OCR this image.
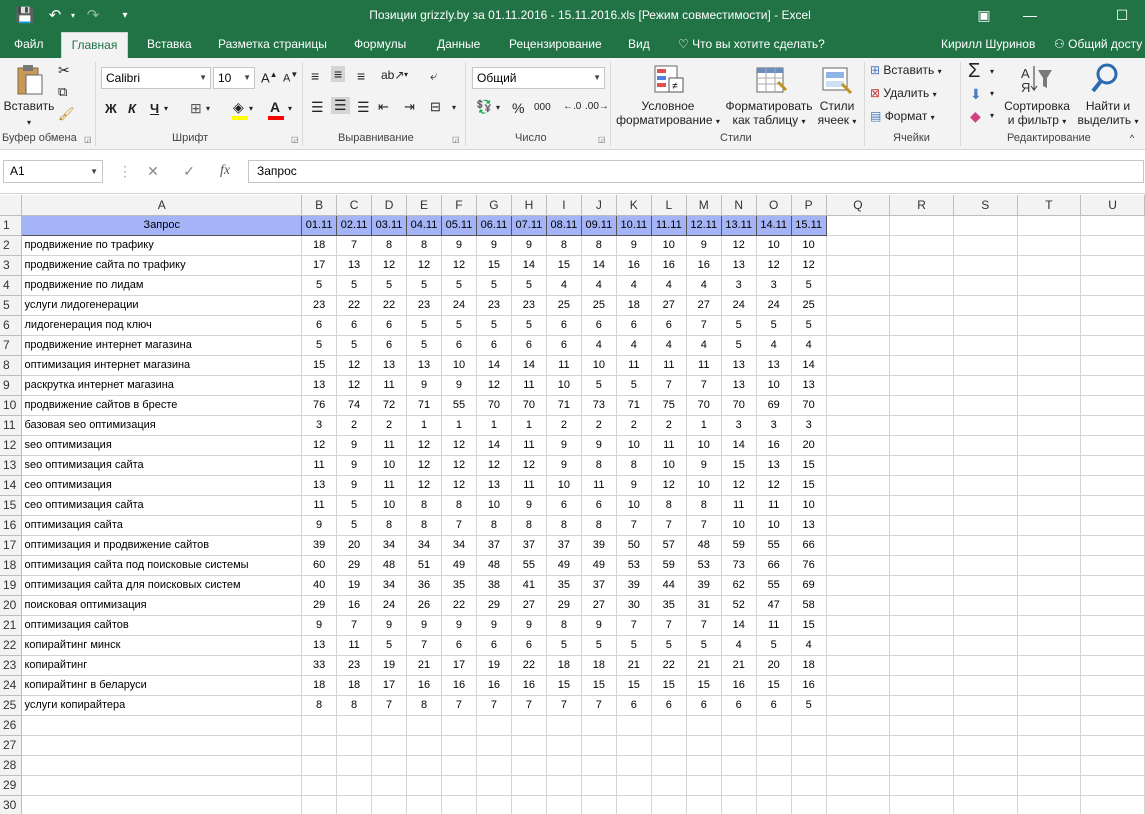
💾 ↶	▾ ↷	▾	Позиции grizzly.by за 01.11.2016 - 15.11.2016.xls [Режим совместимости] - Excel	▣	—	☐
Файл	Главная	Вставка Разметка страницы Формулы	Данные Рецензирование Вид ♡ Что вы хотите сделать?	Кирилл Шуринов	⚇ Общий досту
Вставить
▾
✂
⧉
🖌
Буфер обмена ◲
Calibri	▼ 10 ▼ A▲ A▼
Ж К Ч ▾ ⊞ ▾ ◈ ▾ A ▾
Шрифт	◲
≡ ≡ ≡ ab↗ ▾ ⤶
☰ ☰ ☰ ⇤ ⇥ ⊟ ▾
Выравнивание	◲
Общий	▼
💱 ▾ % 000 ←.0 .00→
Число	◲
≠
Условное
форматирование ▾
Форматировать
как таблицу ▾
Стили
ячеек ▾
Стили
⊞ Вставить ▾
⊠ Удалить ▾
▤ Формат ▾
Ячейки
Σ ▾
⬇ ▾
◆ ▾
A
Я
Сортировка
и фильтр ▾
Найти и
выделить ▾
Редактирование	^
A1	▼	⋮	✕	✓	fx	Запрос
	A	B	C	D	E	F	G	H	I	J	K	L	M	N	O	P	Q	R	S	T	U
1	Запрос	01.11	02.11	03.11	04.11	05.11	06.11	07.11	08.11	09.11	10.11	11.11	12.11	13.11	14.11	15.11					
2	продвижение по трафику	18	7	8	8	9	9	9	8	8	9	10	9	12	10	10					
3	продвижение сайта по трафику	17	13	12	12	12	15	14	15	14	16	16	16	13	12	12					
4	продвижение по лидам	5	5	5	5	5	5	5	4	4	4	4	4	3	3	5					
5	услуги лидогенерации	23	22	22	23	24	23	23	25	25	18	27	27	24	24	25					
6	лидогенерация под ключ	6	6	6	5	5	5	5	6	6	6	6	7	5	5	5					
7	продвижение интернет магазина	5	5	6	5	6	6	6	6	4	4	4	4	5	4	4					
8	оптимизация интернет магазина	15	12	13	13	10	14	14	11	10	11	11	11	13	13	14					
9	раскрутка интернет магазина	13	12	11	9	9	12	11	10	5	5	7	7	13	10	13					
10	продвижение сайтов в бресте	76	74	72	71	55	70	70	71	73	71	75	70	70	69	70					
11	базовая seo оптимизация	3	2	2	1	1	1	1	2	2	2	2	1	3	3	3					
12	seo оптимизация	12	9	11	12	12	14	11	9	9	10	11	10	14	16	20					
13	seo оптимизация сайта	11	9	10	12	12	12	12	9	8	8	10	9	15	13	15					
14	сео оптимизация	13	9	11	12	12	13	11	10	11	9	12	10	12	12	15					
15	сео оптимизация сайта	11	5	10	8	8	10	9	6	6	10	8	8	11	11	10					
16	оптимизация сайта	9	5	8	8	7	8	8	8	8	7	7	7	10	10	13					
17	оптимизация и продвижение сайтов	39	20	34	34	34	37	37	37	39	50	57	48	59	55	66					
18	оптимизация сайта под поисковые системы	60	29	48	51	49	48	55	49	49	53	59	53	73	66	76					
19	оптимизация сайта для поисковых систем	40	19	34	36	35	38	41	35	37	39	44	39	62	55	69					
20	поисковая оптимизация	29	16	24	26	22	29	27	29	27	30	35	31	52	47	58					
21	оптимизация сайтов	9	7	9	9	9	9	9	8	9	7	7	7	14	11	15					
22	копирайтинг минск	13	11	5	7	6	6	6	5	5	5	5	5	4	5	4					
23	копирайтинг	33	23	19	21	17	19	22	18	18	21	22	21	21	20	18					
24	копирайтинг в беларуси	18	18	17	16	16	16	16	15	15	15	15	15	16	15	16					
25	услуги копирайтера	8	8	7	8	7	7	7	7	7	6	6	6	6	6	5					
26																					
27																					
28																					
29																					
30																					
